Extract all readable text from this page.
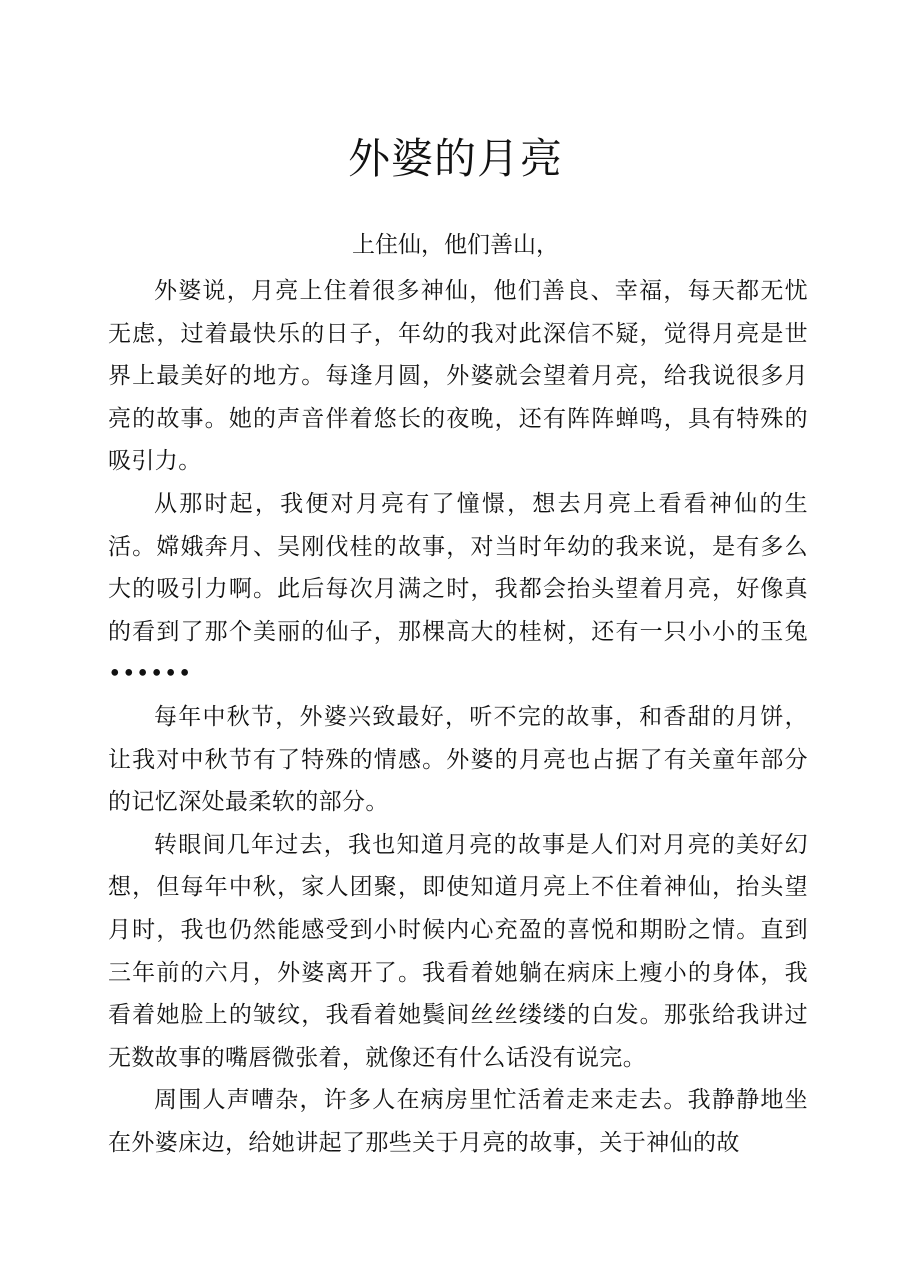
外婆的月亮
上住仙，他们善山，

外婆说，月亮上住着很多神仙，他们善良、幸福，每天都无忧无虑，过着最快乐的日子，年幼的我对此深信不疑，觉得月亮是世界上最美好的地方。每逢月圆，外婆就会望着月亮，给我说很多月亮的故事。她的声音伴着悠长的夜晚，还有阵阵蝉鸣，具有特殊的吸引力。

从那时起，我便对月亮有了憧憬，想去月亮上看看神仙的生活。嫦娥奔月、吴刚伐桂的故事，对当时年幼的我来说，是有多么大的吸引力啊。此后每次月满之时，我都会抬头望着月亮，好像真的看到了那个美丽的仙子，那棵高大的桂树，还有一只小小的玉兔••••••

每年中秋节，外婆兴致最好，听不完的故事，和香甜的月饼，让我对中秋节有了特殊的情感。外婆的月亮也占据了有关童年部分的记忆深处最柔软的部分。

转眼间几年过去，我也知道月亮的故事是人们对月亮的美好幻想，但每年中秋，家人团聚，即使知道月亮上不住着神仙，抬头望月时，我也仍然能感受到小时候内心充盈的喜悦和期盼之情。直到三年前的六月，外婆离开了。我看着她躺在病床上瘦小的身体，我看着她脸上的皱纹，我看着她鬓间丝丝缕缕的白发。那张给我讲过无数故事的嘴唇微张着，就像还有什么话没有说完。

周围人声嘈杂，许多人在病房里忙活着走来走去。我静静地坐在外婆床边，给她讲起了那些关于月亮的故事，关于神仙的故
